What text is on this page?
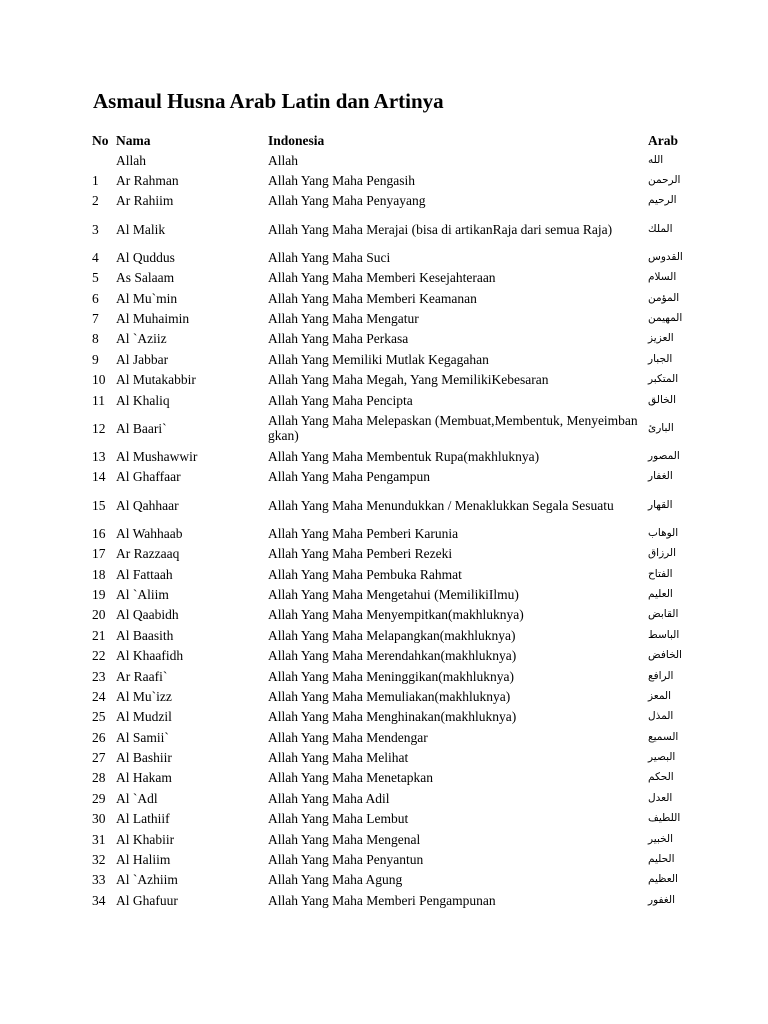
Asmaul Husna Arab Latin dan Artinya
No	Nama	Indonesia	Arab
	Allah	Allah	الله
1	Ar Rahman	Allah Yang Maha Pengasih	الرحمن
2	Ar Rahiim	Allah Yang Maha Penyayang	الرحيم
3	Al Malik	Allah Yang Maha Merajai (bisa di artikanRaja dari semua Raja)	الملك
4	Al Quddus	Allah Yang Maha Suci	القدوس
5	As Salaam	Allah Yang Maha Memberi Kesejahteraan	السلام
6	Al Mu`min	Allah Yang Maha Memberi Keamanan	المؤمن
7	Al Muhaimin	Allah Yang Maha Mengatur	المهيمن
8	Al `Aziiz	Allah Yang Maha Perkasa	العزيز
9	Al Jabbar	Allah Yang Memiliki Mutlak Kegagahan	الجبار
10	Al Mutakabbir	Allah Yang Maha Megah, Yang MemilikiKebesaran	المتكبر
11	Al Khaliq	Allah Yang Maha Pencipta	الخالق
12	Al Baari`	Allah Yang Maha Melepaskan (Membuat,Membentuk, Menyeimbangkan)	البارئ
13	Al Mushawwir	Allah Yang Maha Membentuk Rupa(makhluknya)	المصور
14	Al Ghaffaar	Allah Yang Maha Pengampun	الغفار
15	Al Qahhaar	Allah Yang Maha Menundukkan / Menaklukkan Segala Sesuatu	القهار
16	Al Wahhaab	Allah Yang Maha Pemberi Karunia	الوهاب
17	Ar Razzaaq	Allah Yang Maha Pemberi Rezeki	الرزاق
18	Al Fattaah	Allah Yang Maha Pembuka Rahmat	الفتاح
19	Al `Aliim	Allah Yang Maha Mengetahui (MemilikiIlmu)	العليم
20	Al Qaabidh	Allah Yang Maha Menyempitkan(makhluknya)	القابض
21	Al Baasith	Allah Yang Maha Melapangkan(makhluknya)	الباسط
22	Al Khaafidh	Allah Yang Maha Merendahkan(makhluknya)	الخافض
23	Ar Raafi`	Allah Yang Maha Meninggikan(makhluknya)	الرافع
24	Al Mu`izz	Allah Yang Maha Memuliakan(makhluknya)	المعز
25	Al Mudzil	Allah Yang Maha Menghinakan(makhluknya)	المذل
26	Al Samii`	Allah Yang Maha Mendengar	السميع
27	Al Bashiir	Allah Yang Maha Melihat	البصير
28	Al Hakam	Allah Yang Maha Menetapkan	الحكم
29	Al `Adl	Allah Yang Maha Adil	العدل
30	Al Lathiif	Allah Yang Maha Lembut	اللطيف
31	Al Khabiir	Allah Yang Maha Mengenal	الخبير
32	Al Haliim	Allah Yang Maha Penyantun	الحليم
33	Al `Azhiim	Allah Yang Maha Agung	العظيم
34	Al Ghafuur	Allah Yang Maha Memberi Pengampunan	الغفور
